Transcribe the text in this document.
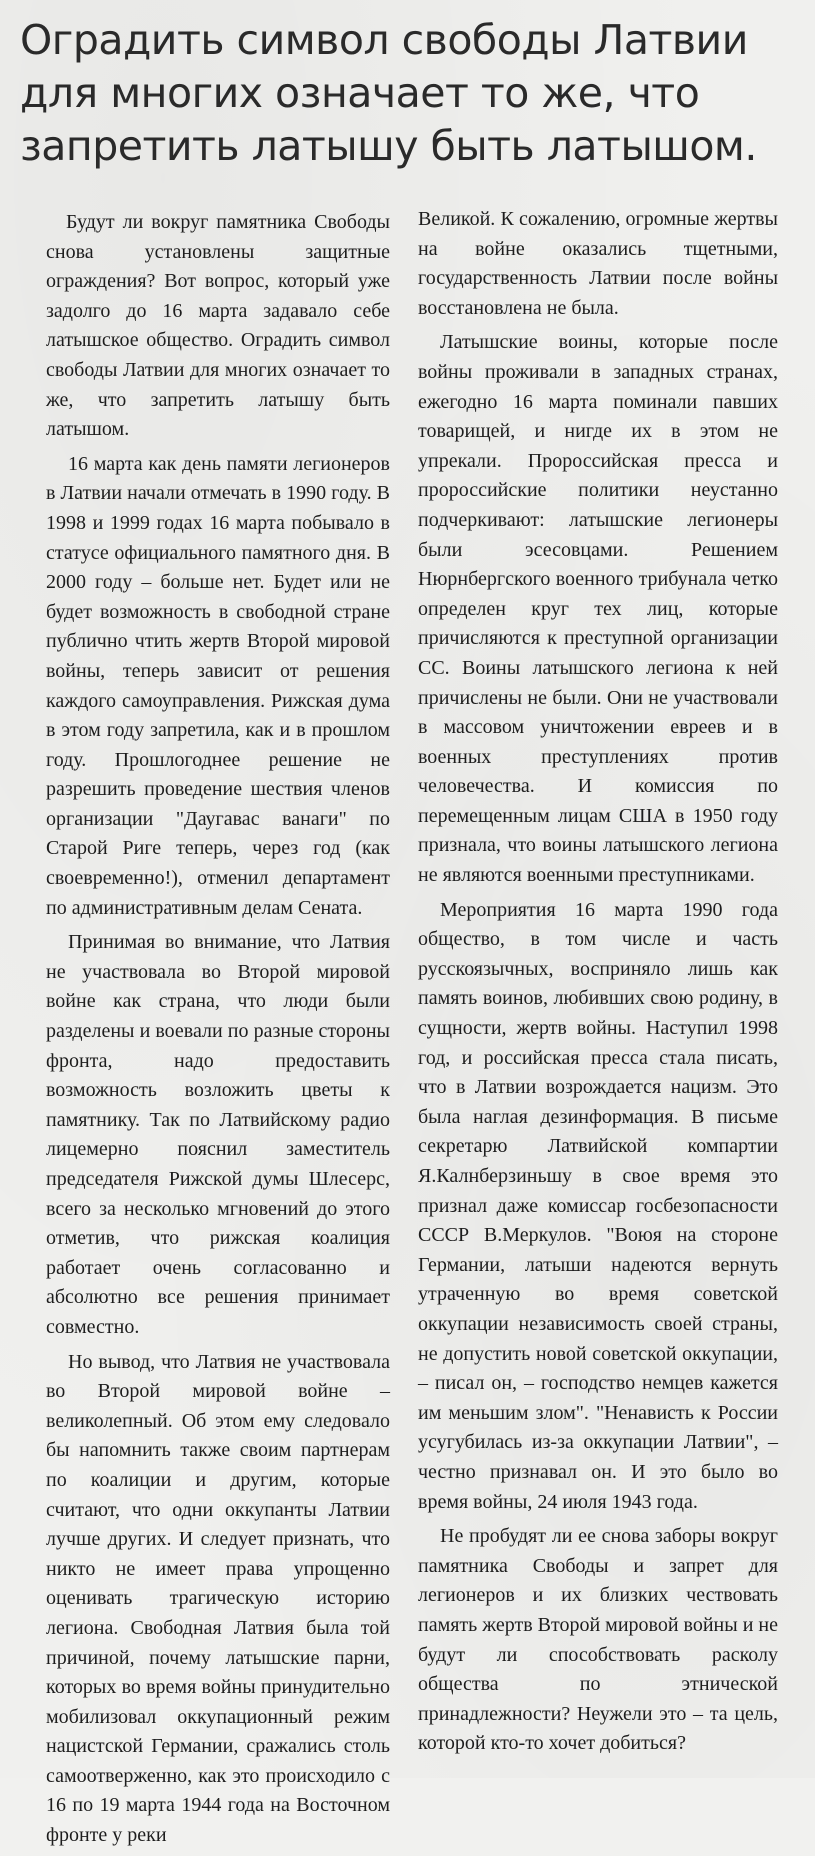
Оградить символ свободы Латвии
для многих означает то же, что
запретить латышу быть латышом.

Будут ли вокруг памятника Свободы снова установлены защитные ограждения? Вот вопрос, который уже задолго до 16 марта задавало себе латышское общество. Оградить символ свободы Латвии для многих означает то же, что запретить латышу быть латышом.

16 марта как день памяти легионеров в Латвии начали отмечать в 1990 году. В 1998 и 1999 годах 16 марта побывало в статусе официального памятного дня. В 2000 году – больше нет. Будет или не будет возможность в свободной стране публично чтить жертв Второй мировой войны, теперь зависит от решения каждого самоуправления. Рижская дума в этом году запретила, как и в прошлом году. Прошлогоднее решение не разрешить проведение шествия членов организации "Даугавас ванаги" по Старой Риге теперь, через год (как своевременно!), отменил департамент по административным делам Сената.

Принимая во внимание, что Латвия не участвовала во Второй мировой войне как страна, что люди были разделены и воевали по разные стороны фронта, надо предоставить возможность возложить цветы к памятнику. Так по Латвийскому радио лицемерно пояснил заместитель председателя Рижской думы Шлесерс, всего за несколько мгновений до этого отметив, что рижская коалиция работает очень согласованно и абсолютно все решения принимает совместно.

Но вывод, что Латвия не участвовала во Второй мировой войне – великолепный. Об этом ему следовало бы напомнить также своим партнерам по коалиции и другим, которые считают, что одни оккупанты Латвии лучше других. И следует признать, что никто не имеет права упрощенно оценивать трагическую историю легиона. Свободная Латвия была той причиной, почему латышские парни, которых во время войны принудительно мобилизовал оккупационный режим нацистской Германии, сражались столь самоотверженно, как это происходило с 16 по 19 марта 1944 года на Восточном фронте у реки

Великой. К сожалению, огромные жертвы на войне оказались тщетными, государственность Латвии после войны восстановлена не была.

Латышские воины, которые после войны проживали в западных странах, ежегодно 16 марта поминали павших товарищей, и нигде их в этом не упрекали. Пророссийская пресса и пророссийские политики неустанно подчеркивают: латышские легионеры были эсесовцами. Решением Нюрнбергского военного трибунала четко определен круг тех лиц, которые причисляются к преступной организации СС. Воины латышского легиона к ней причислены не были. Они не участвовали в массовом уничтожении евреев и в военных преступлениях против человечества. И комиссия по перемещенным лицам США в 1950 году признала, что воины латышского легиона не являются военными преступниками.

Мероприятия 16 марта 1990 года общество, в том числе и часть русскоязычных, восприняло лишь как память воинов, любивших свою родину, в сущности, жертв войны. Наступил 1998 год, и российская пресса стала писать, что в Латвии возрождается нацизм. Это была наглая дезинформация. В письме секретарю Латвийской компартии Я.Калнберзиньшу в свое время это признал даже комиссар госбезопасности СССР В.Меркулов. "Воюя на стороне Германии, латыши надеются вернуть утраченную во время советской оккупации независимость своей страны, не допустить новой советской оккупации, – писал он, – господство немцев кажется им меньшим злом". "Ненависть к России усугубилась из-за оккупации Латвии", – честно признавал он. И это было во время войны, 24 июля 1943 года.

Не пробудят ли ее снова заборы вокруг памятника Свободы и запрет для легионеров и их близких чествовать память жертв Второй мировой войны и не будут ли способствовать расколу общества по этнической принадлежности? Неужели это – та цель, которой кто-то хочет добиться?
